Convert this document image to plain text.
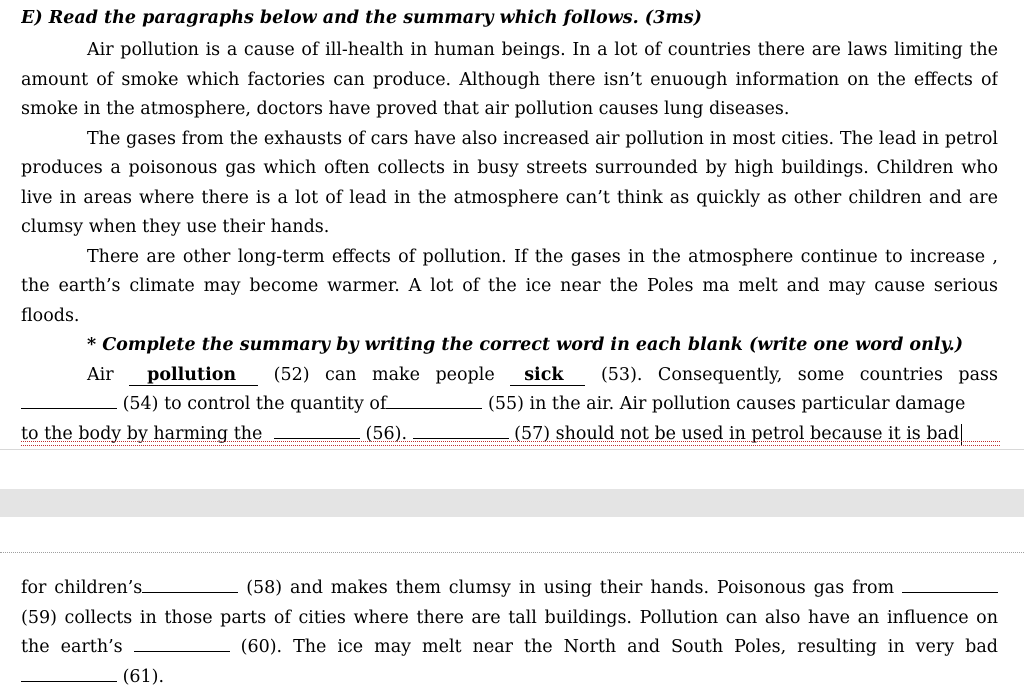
E) Read the paragraphs below and the summary which follows. (3ms)
Air pollution is a cause of ill-health in human beings. In a lot of countries there are laws limiting the
amount of smoke which factories can produce. Although there isn’t enuough information on the effects of
smoke in the atmosphere, doctors have proved that air pollution causes lung diseases.
The gases from the exhausts of cars have also increased air pollution in most cities. The lead in petrol
produces a poisonous gas which often collects in busy streets surrounded by high buildings. Children who
live in areas where there is a lot of lead in the atmosphere can’t think as quickly as other children and are
clumsy when they use their hands.
There are other long-term effects of pollution. If the gases in the atmosphere continue to increase ,
the earth’s climate may become warmer. A lot of the ice near the Poles ma melt and may cause serious
floods.
* Complete the summary by writing the correct word in each blank (write one word only.)
Air pollution (52) can make people sick (53). Consequently, some countries pass
(54) to control the quantity of	(55) in the air. Air pollution causes particular damage
to the body by harming the	(56).	(57) should not be used in petrol because it is bad
for children’s	(58) and makes them clumsy in using their hands. Poisonous gas from
(59) collects in those parts of cities where there are tall buildings. Pollution can also have an influence on
the earth’s	(60). The ice may melt near the North and South Poles, resulting in very bad
(61).
